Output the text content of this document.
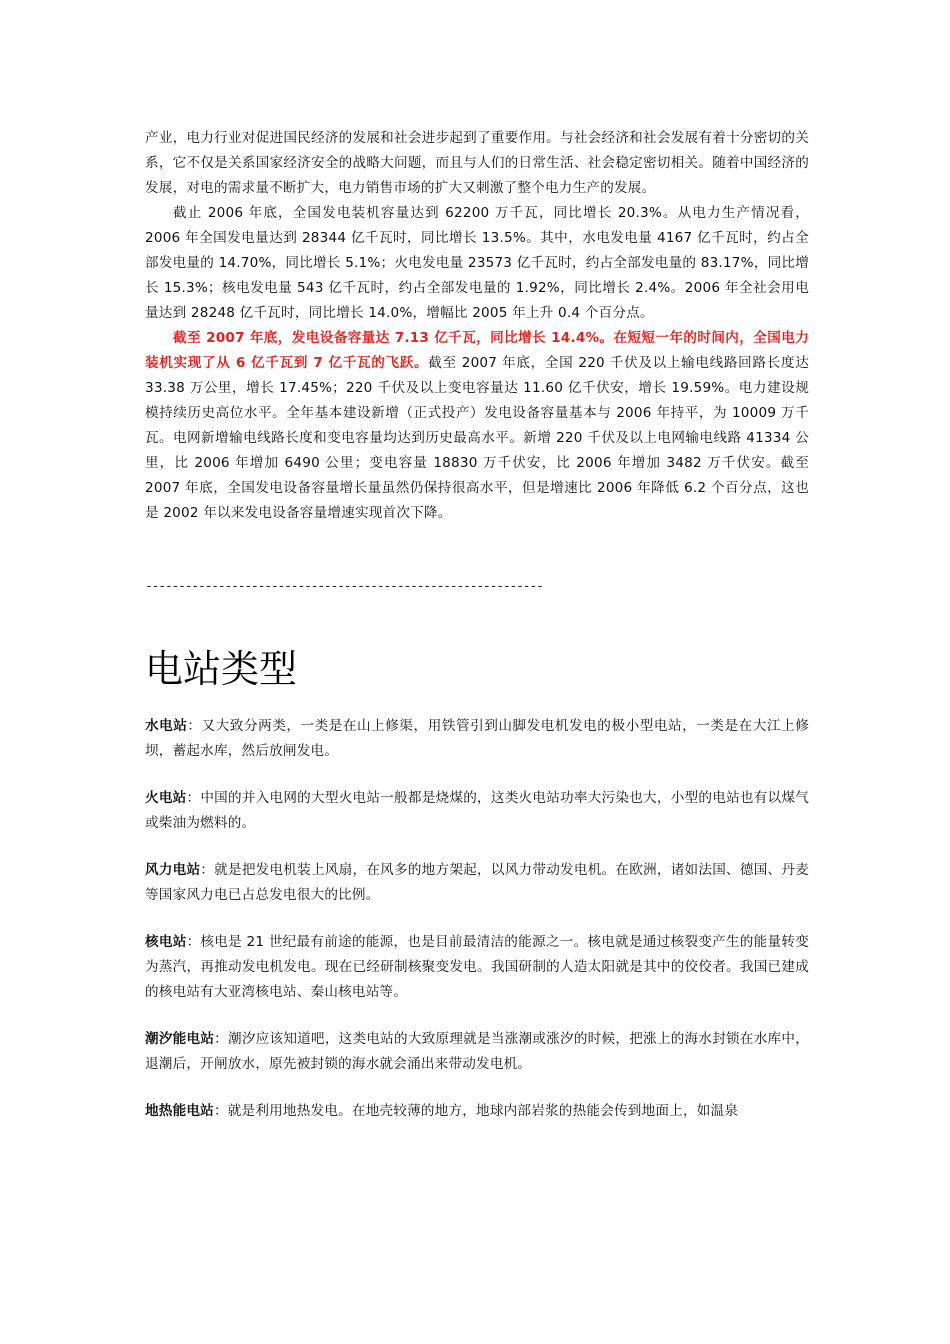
产业，电力行业对促进国民经济的发展和社会进步起到了重要作用。与社会经济和社会发展有着十分密切的关系，它不仅是关系国家经济安全的战略大问题，而且与人们的日常生活、社会稳定密切相关。随着中国经济的发展，对电的需求量不断扩大，电力销售市场的扩大又刺激了整个电力生产的发展。

截止 2006 年底，全国发电装机容量达到 62200 万千瓦，同比增长 20.3%。从电力生产情况看，2006 年全国发电量达到 28344 亿千瓦时，同比增长 13.5%。其中，水电发电量 4167 亿千瓦时，约占全部发电量的 14.70%，同比增长 5.1%；火电发电量 23573 亿千瓦时，约占全部发电量的 83.17%，同比增长 15.3%；核电发电量 543 亿千瓦时，约占全部发电量的 1.92%，同比增长 2.4%。2006 年全社会用电量达到 28248 亿千瓦时，同比增长 14.0%，增幅比 2005 年上升 0.4 个百分点。

截至 2007 年底，发电设备容量达 7.13 亿千瓦，同比增长 14.4%。在短短一年的时间内，全国电力装机实现了从 6 亿千瓦到 7 亿千瓦的飞跃。截至 2007 年底，全国 220 千伏及以上输电线路回路长度达 33.38 万公里，增长 17.45%；220 千伏及以上变电容量达 11.60 亿千伏安，增长 19.59%。电力建设规模持续历史高位水平。全年基本建设新增（正式投产）发电设备容量基本与 2006 年持平，为 10009 万千瓦。电网新增输电线路长度和变电容量均达到历史最高水平。新增 220 千伏及以上电网输电线路 41334 公里，比 2006 年增加 6490 公里；变电容量 18830 万千伏安，比 2006 年增加 3482 万千伏安。截至 2007 年底，全国发电设备容量增长量虽然仍保持很高水平，但是增速比 2006 年降低 6.2 个百分点，这也是 2002 年以来发电设备容量增速实现首次下降。

------------------------------------------------------------
电站类型

水电站：又大致分两类，一类是在山上修渠，用铁管引到山脚发电机发电的极小型电站，一类是在大江上修坝，蓄起水库，然后放闸发电。

火电站：中国的并入电网的大型火电站一般都是烧煤的，这类火电站功率大污染也大，小型的电站也有以煤气或柴油为燃料的。

风力电站：就是把发电机装上风扇，在风多的地方架起，以风力带动发电机。在欧洲，诸如法国、德国、丹麦等国家风力电已占总发电很大的比例。

核电站：核电是 21 世纪最有前途的能源，也是目前最清洁的能源之一。核电就是通过核裂变产生的能量转变为蒸汽，再推动发电机发电。现在已经研制核聚变发电。我国研制的人造太阳就是其中的佼佼者。我国已建成的核电站有大亚湾核电站、秦山核电站等。

潮汐能电站：潮汐应该知道吧，这类电站的大致原理就是当涨潮或涨汐的时候，把涨上的海水封锁在水库中，退潮后，开闸放水，原先被封锁的海水就会涌出来带动发电机。

地热能电站：就是利用地热发电。在地壳较薄的地方，地球内部岩浆的热能会传到地面上，如温泉
